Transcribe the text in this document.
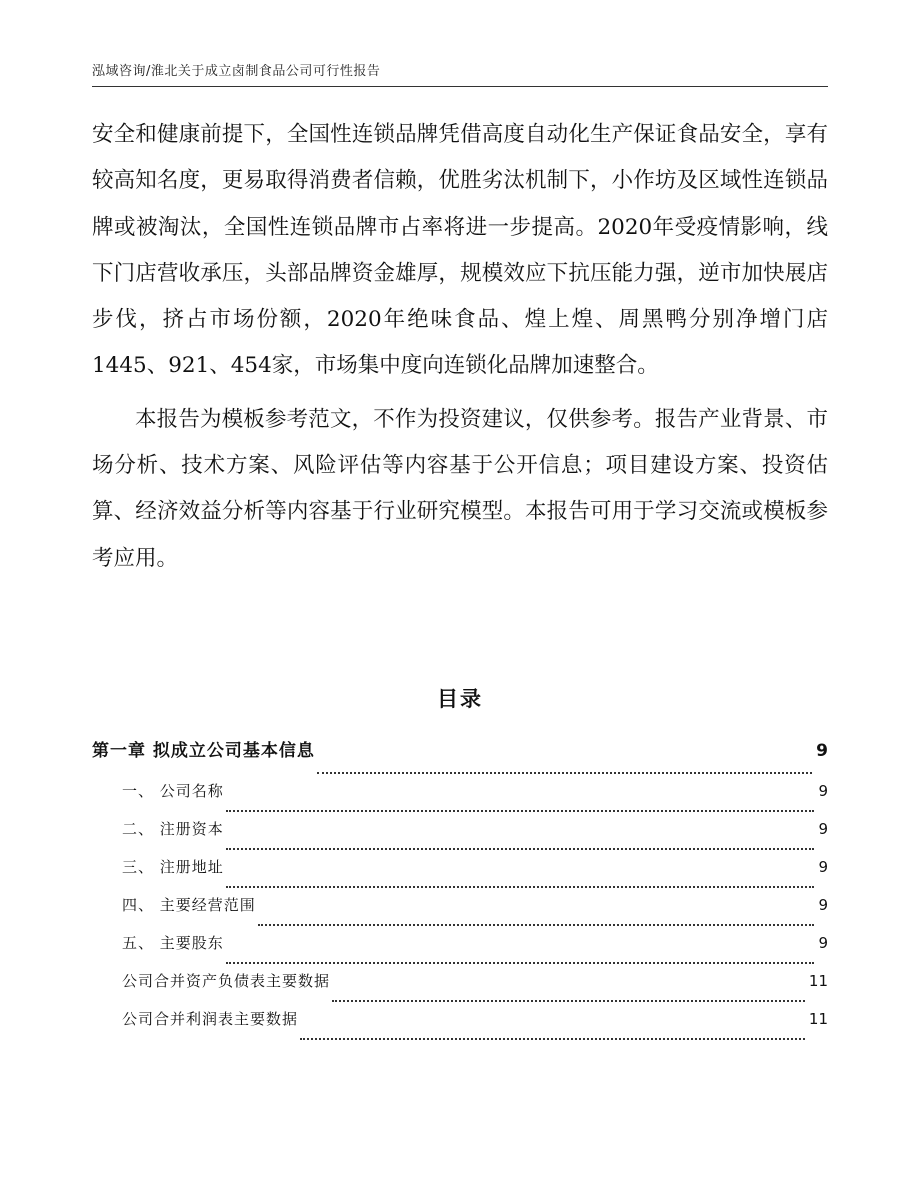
泓域咨询/淮北关于成立卤制食品公司可行性报告

安全和健康前提下，全国性连锁品牌凭借高度自动化生产保证食品安全，享有较高知名度，更易取得消费者信赖，优胜劣汰机制下，小作坊及区域性连锁品牌或被淘汰，全国性连锁品牌市占率将进一步提高。2020年受疫情影响，线下门店营收承压，头部品牌资金雄厚，规模效应下抗压能力强，逆市加快展店步伐，挤占市场份额，2020年绝味食品、煌上煌、周黑鸭分别净增门店1445、921、454家，市场集中度向连锁化品牌加速整合。

本报告为模板参考范文，不作为投资建议，仅供参考。报告产业背景、市场分析、技术方案、风险评估等内容基于公开信息；项目建设方案、投资估算、经济效益分析等内容基于行业研究模型。本报告可用于学习交流或模板参考应用。

目录
第一章 拟成立公司基本信息	9
一、 公司名称	9
二、 注册资本	9
三、 注册地址	9
四、 主要经营范围	9
五、 主要股东	9
公司合并资产负债表主要数据	11
公司合并利润表主要数据	11
